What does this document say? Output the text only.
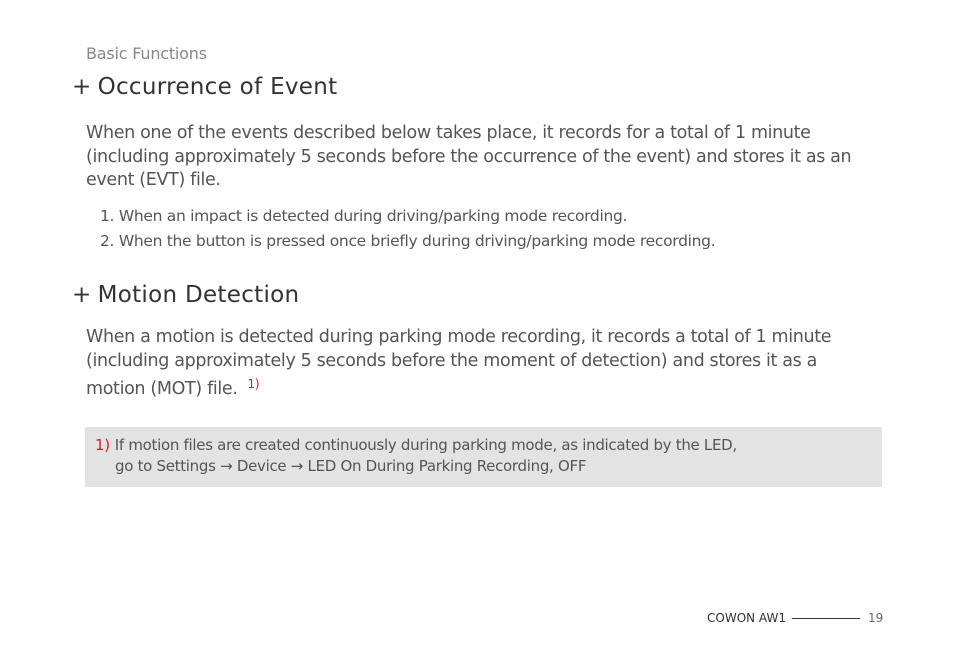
Basic Functions
+ Occurrence of Event
When one of the events described below takes place, it records for a total of 1 minute (including approximately 5 seconds before the occurrence of the event) and stores it as an event (EVT) file.
1. When an impact is detected during driving/parking mode recording.
2. When the button is pressed once briefly during driving/parking mode recording.
+ Motion Detection
When a motion is detected during parking mode recording, it records a total of 1 minute (including approximately 5 seconds before the moment of detection) and stores it as a motion (MOT) file. $^{1)}$
1) If motion files are created continuously during parking mode, as indicated by the LED,
go to Settings → Device → LED On During Parking Recording, OFF
COWON AW1	19
